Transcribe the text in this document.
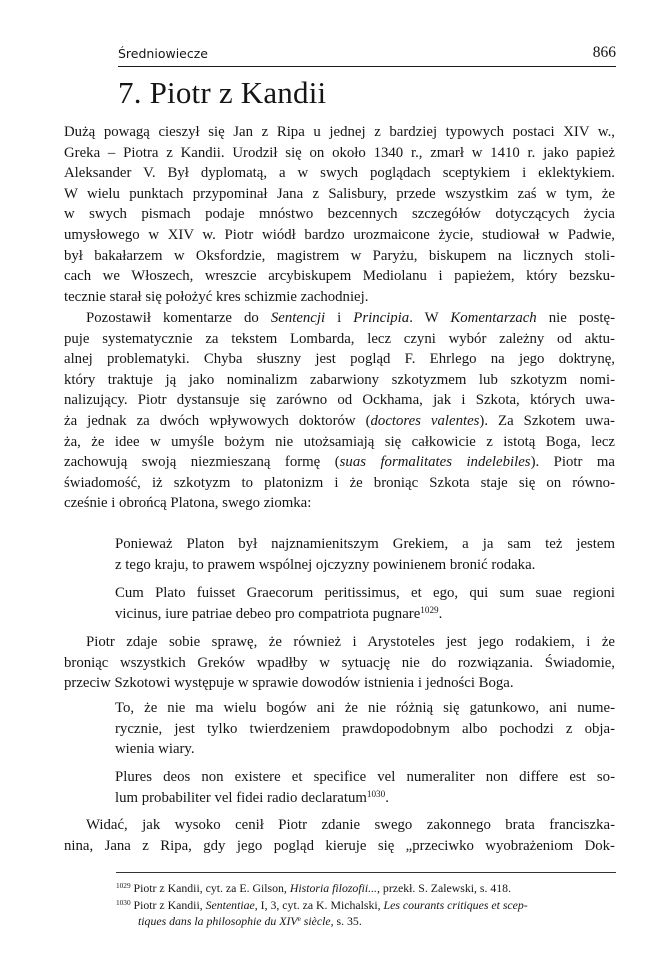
Średniowiecze	866
7. Piotr z Kandii

Dużą powagą cieszył się Jan z Ripa u jednej z bardziej typowych postaci XIV w.,

Greka – Piotra z Kandii. Urodził się on około 1340 r., zmarł w 1410 r. jako papież

Aleksander V. Był dyplomatą, a w swych poglądach sceptykiem i eklektykiem.

W wielu punktach przypominał Jana z Salisbury, przede wszystkim zaś w tym, że

w swych pismach podaje mnóstwo bezcennych szczegółów dotyczących życia

umysłowego w XIV w. Piotr wiódł bardzo urozmaicone życie, studiował w Padwie,

był bakałarzem w Oksfordzie, magistrem w Paryżu, biskupem na licznych stoli-

cach we Włoszech, wreszcie arcybiskupem Mediolanu i papieżem, który bezsku-

tecznie starał się położyć kres schizmie zachodniej.

Pozostawił komentarze do Sentencji i Principia. W Komentarzach nie postę-

puje systematycznie za tekstem Lombarda, lecz czyni wybór zależny od aktu-

alnej problematyki. Chyba słuszny jest pogląd F. Ehrlego na jego doktrynę,

który traktuje ją jako nominalizm zabarwiony szkotyzmem lub szkotyzm nomi-

nalizujący. Piotr dystansuje się zarówno od Ockhama, jak i Szkota, których uwa-

ża jednak za dwóch wpływowych doktorów (doctores valentes). Za Szkotem uwa-

ża, że idee w umyśle bożym nie utożsamiają się całkowicie z istotą Boga, lecz

zachowują swoją niezmieszaną formę (suas formalitates indelebiles). Piotr ma

świadomość, iż szkotyzm to platonizm i że broniąc Szkota staje się on równo-

cześnie i obrońcą Platona, swego ziomka:

Ponieważ Platon był najznamienitszym Grekiem, a ja sam też jestem

z tego kraju, to prawem wspólnej ojczyzny powinienem bronić rodaka.

Cum Plato fuisset Graecorum peritissimus, et ego, qui sum suae regioni

vicinus, iure patriae debeo pro compatriota pugnare$^{1029}$.

Piotr zdaje sobie sprawę, że również i Arystoteles jest jego rodakiem, i że

broniąc wszystkich Greków wpadłby w sytuację nie do rozwiązania. Świadomie,

przeciw Szkotowi występuje w sprawie dowodów istnienia i jedności Boga.

To, że nie ma wielu bogów ani że nie różnią się gatunkowo, ani nume-

rycznie, jest tylko twierdzeniem prawdopodobnym albo pochodzi z obja-

wienia wiary.

Plures deos non existere et specifice vel numeraliter non differe est so-

lum probabiliter vel fidei radio declaratum$^{1030}$.

Widać, jak wysoko cenił Piotr zdanie swego zakonnego brata franciszka-

nina, Jana z Ripa, gdy jego pogląd kieruje się „przeciwko wyobrażeniom Dok-

$^{1029}$ Piotr z Kandii, cyt. za E. Gilson, Historia filozofii..., przekł. S. Zalewski, s. 418.

$^{1030}$ Piotr z Kandii, Sententiae, I, 3, cyt. za K. Michalski, Les courants critiques et scep-

tiques dans la philosophie du XIVe siècle, s. 35.
